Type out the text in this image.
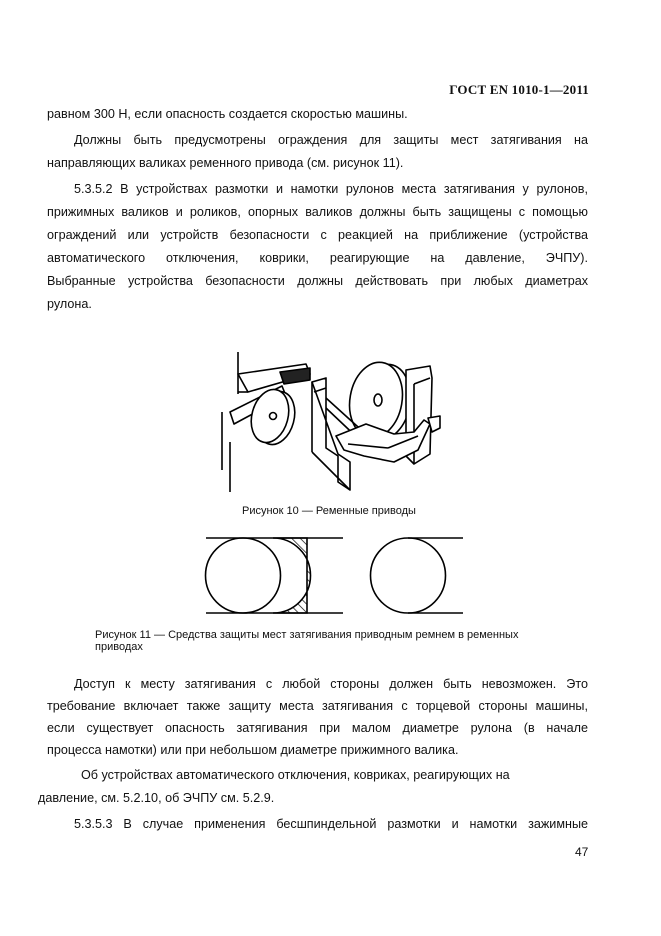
ГОСТ EN 1010-1—2011
равном 300 Н, если опасность создается скоростью машины.
Должны быть предусмотрены ограждения для защиты мест затягивания на
направляющих валиках ременного привода (см. рисунок 11).
5.3.5.2 В устройствах размотки и намотки рулонов места затягивания у рулонов,
прижимных валиков и роликов, опорных валиков должны быть защищены с помощью
ограждений или устройств безопасности с реакцией на приближение (устройства
автоматического отключения, коврики, реагирующие на давление, ЭЧПУ).
Выбранные устройства безопасности должны действовать при любых диаметрах
рулона.
Рисунок 10 — Ременные приводы
Рисунок 11 — Средства защиты мест затягивания приводным ремнем в ременных
приводах
Доступ к месту затягивания с любой стороны должен быть невозможен. Это
требование включает также защиту места затягивания с торцевой стороны машины,
если существует опасность затягивания при малом диаметре рулона (в начале
процесса намотки) или при небольшом диаметре прижимного валика.
Об устройствах автоматического отключения, ковриках, реагирующих на
давление, см. 5.2.10, об ЭЧПУ см. 5.2.9.
5.3.5.3 В случае применения бесшпиндельной размотки и намотки зажимные
47
